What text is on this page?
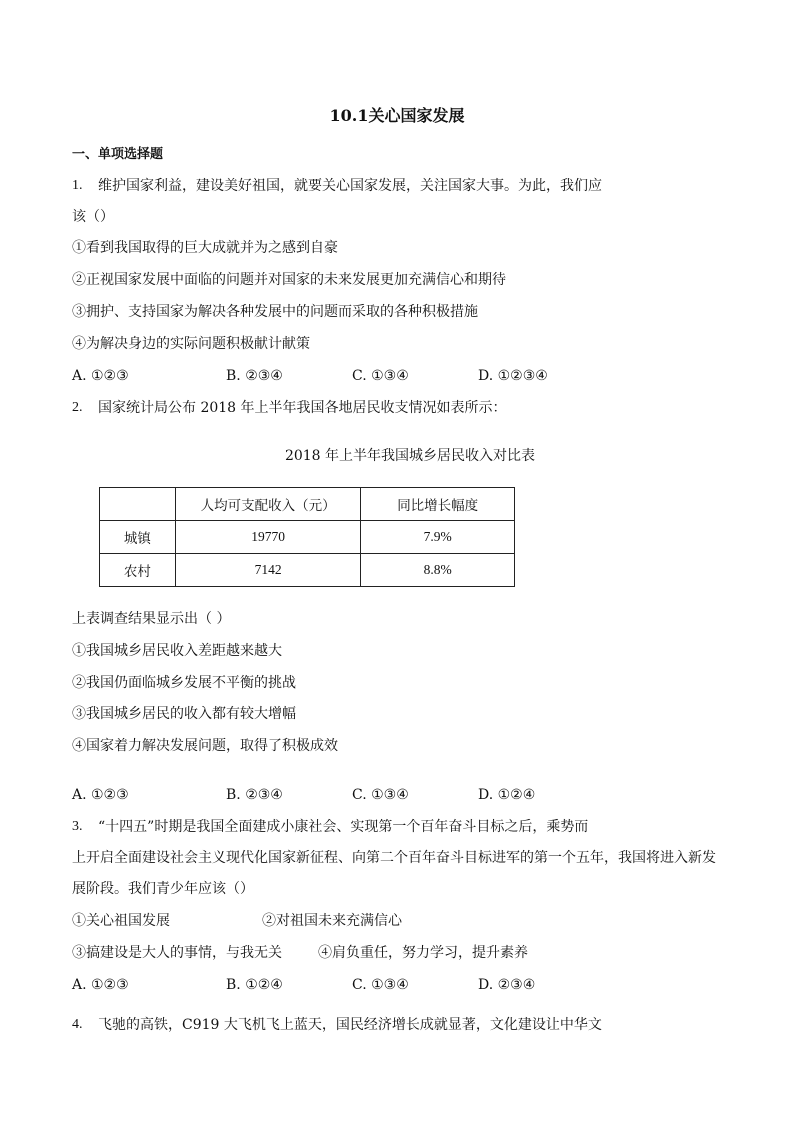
10.1关心国家发展
一、单项选择题
1. 维护国家利益，建设美好祖国，就要关心国家发展，关注国家大事。为此，我们应
该（）
①看到我国取得的巨大成就并为之感到自豪
②正视国家发展中面临的问题并对国家的未来发展更加充满信心和期待
③拥护、支持国家为解决各种发展中的问题而采取的各种积极措施
④为解决身边的实际问题积极献计献策
A. ①②③	B. ②③④	C. ①③④	D. ①②③④
2. 国家统计局公布 2018 年上半年我国各地居民收支情况如表所示：
2018 年上半年我国城乡居民收入对比表
	人均可支配收入（元）	同比增长幅度
城镇	19770	7.9%
农村	7142	8.8%
上表调查结果显示出（ ）
①我国城乡居民收入差距越来越大
②我国仍面临城乡发展不平衡的挑战
③我国城乡居民的收入都有较大增幅
④国家着力解决发展问题，取得了积极成效
A. ①②③	B. ②③④	C. ①③④	D. ①②④
3. “十四五”时期是我国全面建成小康社会、实现第一个百年奋斗目标之后，乘势而
上开启全面建设社会主义现代化国家新征程、向第二个百年奋斗目标进军的第一个五年，我国将进入新发
展阶段。我们青少年应该（）
①关心祖国发展	②对祖国未来充满信心
③搞建设是大人的事情，与我无关	④肩负重任，努力学习，提升素养
A. ①②③	B. ①②④	C. ①③④	D. ②③④
4. 飞驰的高铁，C919 大飞机飞上蓝天，国民经济增长成就显著，文化建设让中华文
